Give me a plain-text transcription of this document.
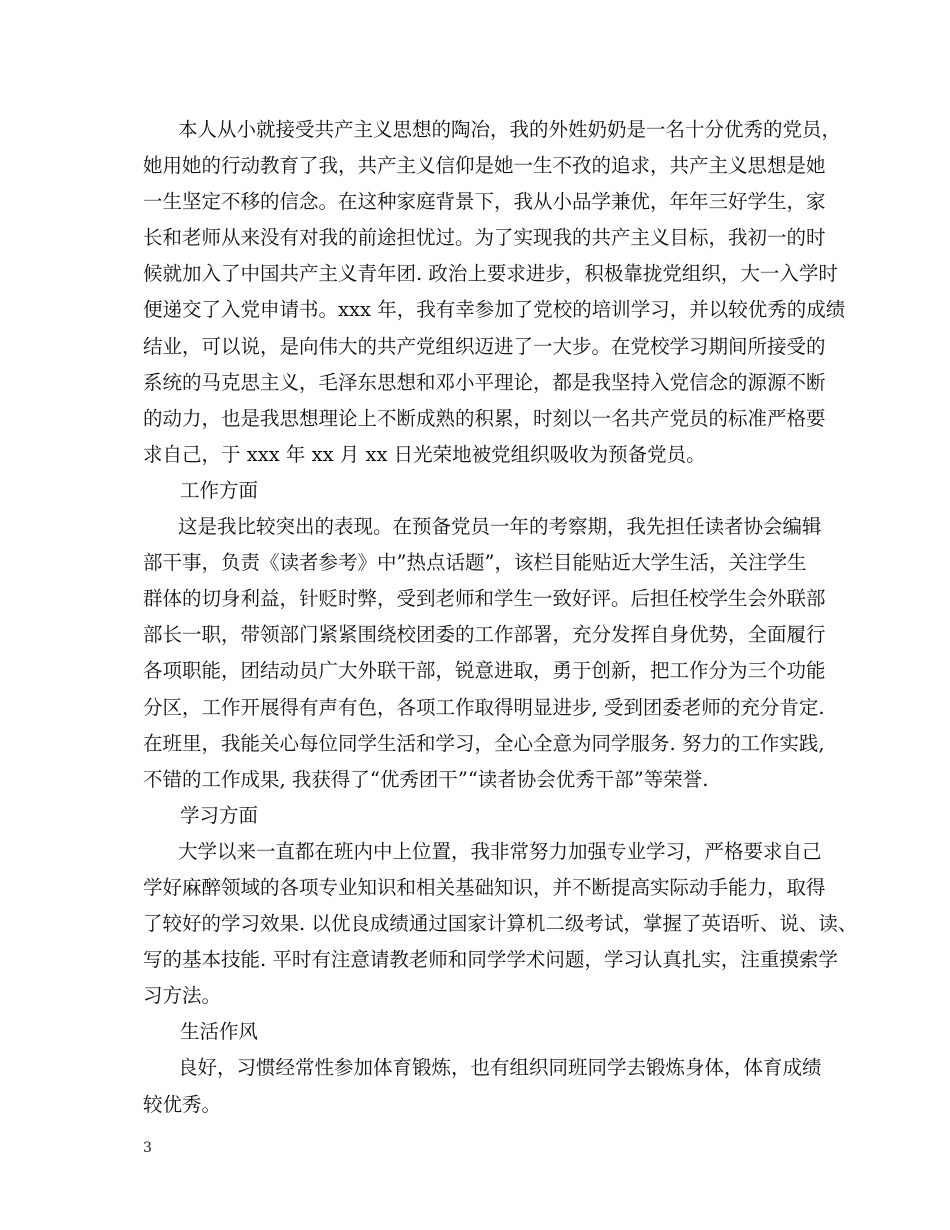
本人从小就接受共产主义思想的陶冶，我的外姓奶奶是一名十分优秀的党员，
她用她的行动教育了我，共产主义信仰是她一生不孜的追求，共产主义思想是她
一生坚定不移的信念。在这种家庭背景下，我从小品学兼优，年年三好学生，家
长和老师从来没有对我的前途担忧过。为了实现我的共产主义目标，我初一的时
候就加入了中国共产主义青年团. 政治上要求进步，积极靠拢党组织，大一入学时
便递交了入党申请书。xxx 年，我有幸参加了党校的培训学习，并以较优秀的成绩
结业，可以说，是向伟大的共产党组织迈进了一大步。在党校学习期间所接受的
系统的马克思主义，毛泽东思想和邓小平理论，都是我坚持入党信念的源源不断
的动力，也是我思想理论上不断成熟的积累，时刻以一名共产党员的标准严格要
求自己，于 xxx 年 xx 月 xx 日光荣地被党组织吸收为预备党员。
工作方面
这是我比较突出的表现。在预备党员一年的考察期，我先担任读者协会编辑
部干事，负责《读者参考》中”热点话题”，该栏目能贴近大学生活，关注学生
群体的切身利益，针贬时弊，受到老师和学生一致好评。后担任校学生会外联部
部长一职，带领部门紧紧围绕校团委的工作部署，充分发挥自身优势，全面履行
各项职能，团结动员广大外联干部，锐意进取，勇于创新，把工作分为三个功能
分区，工作开展得有声有色，各项工作取得明显进步, 受到团委老师的充分肯定.
在班里，我能关心每位同学生活和学习，全心全意为同学服务. 努力的工作实践,
不错的工作成果, 我获得了“优秀团干”“读者协会优秀干部”等荣誉.
学习方面
大学以来一直都在班内中上位置，我非常努力加强专业学习，严格要求自己
学好麻醉领域的各项专业知识和相关基础知识，并不断提高实际动手能力，取得
了较好的学习效果. 以优良成绩通过国家计算机二级考试，掌握了英语听、说、读、
写的基本技能. 平时有注意请教老师和同学学术问题，学习认真扎实，注重摸索学
习方法。
生活作风
良好，习惯经常性参加体育锻炼，也有组织同班同学去锻炼身体，体育成绩
较优秀。
3
